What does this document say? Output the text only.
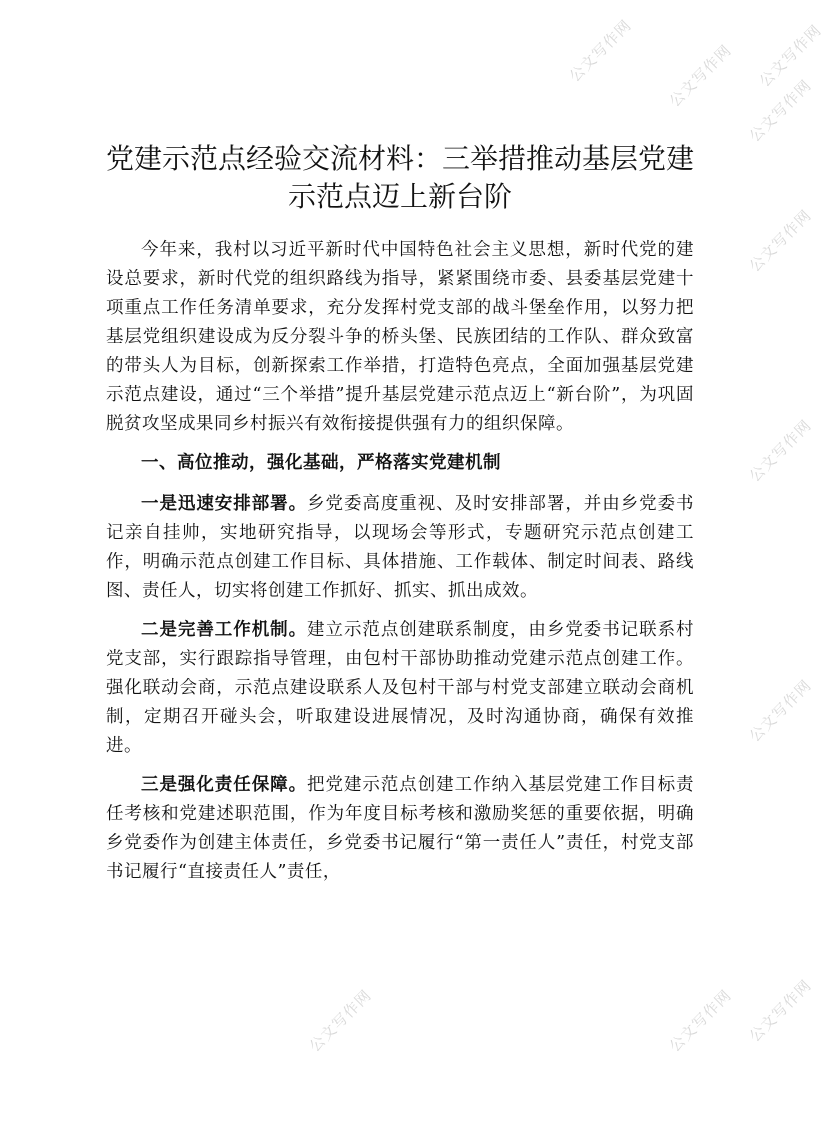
公文写作网
公文写作网
公文写作网
公文写作网
公文写作网
公文写作网
公文写作网
公文写作网
公文写作网
公文写作网
党建示范点经验交流材料：三举措推动基层党建示范点迈上新台阶

今年来，我村以习近平新时代中国特色社会主义思想，新时代党的建设总要求，新时代党的组织路线为指导，紧紧围绕市委、县委基层党建十项重点工作任务清单要求，充分发挥村党支部的战斗堡垒作用，以努力把基层党组织建设成为反分裂斗争的桥头堡、民族团结的工作队、群众致富的带头人为目标，创新探索工作举措，打造特色亮点，全面加强基层党建示范点建设，通过“三个举措”提升基层党建示范点迈上“新台阶”，为巩固脱贫攻坚成果同乡村振兴有效衔接提供强有力的组织保障。

一、高位推动，强化基础，严格落实党建机制

一是迅速安排部署。乡党委高度重视、及时安排部署，并由乡党委书记亲自挂帅，实地研究指导，以现场会等形式，专题研究示范点创建工作，明确示范点创建工作目标、具体措施、工作载体、制定时间表、路线图、责任人，切实将创建工作抓好、抓实、抓出成效。

二是完善工作机制。建立示范点创建联系制度，由乡党委书记联系村党支部，实行跟踪指导管理，由包村干部协助推动党建示范点创建工作。强化联动会商，示范点建设联系人及包村干部与村党支部建立联动会商机制，定期召开碰头会，听取建设进展情况，及时沟通协商，确保有效推进。

三是强化责任保障。把党建示范点创建工作纳入基层党建工作目标责任考核和党建述职范围，作为年度目标考核和激励奖惩的重要依据，明确乡党委作为创建主体责任，乡党委书记履行“第一责任人”责任，村党支部书记履行“直接责任人”责任，
